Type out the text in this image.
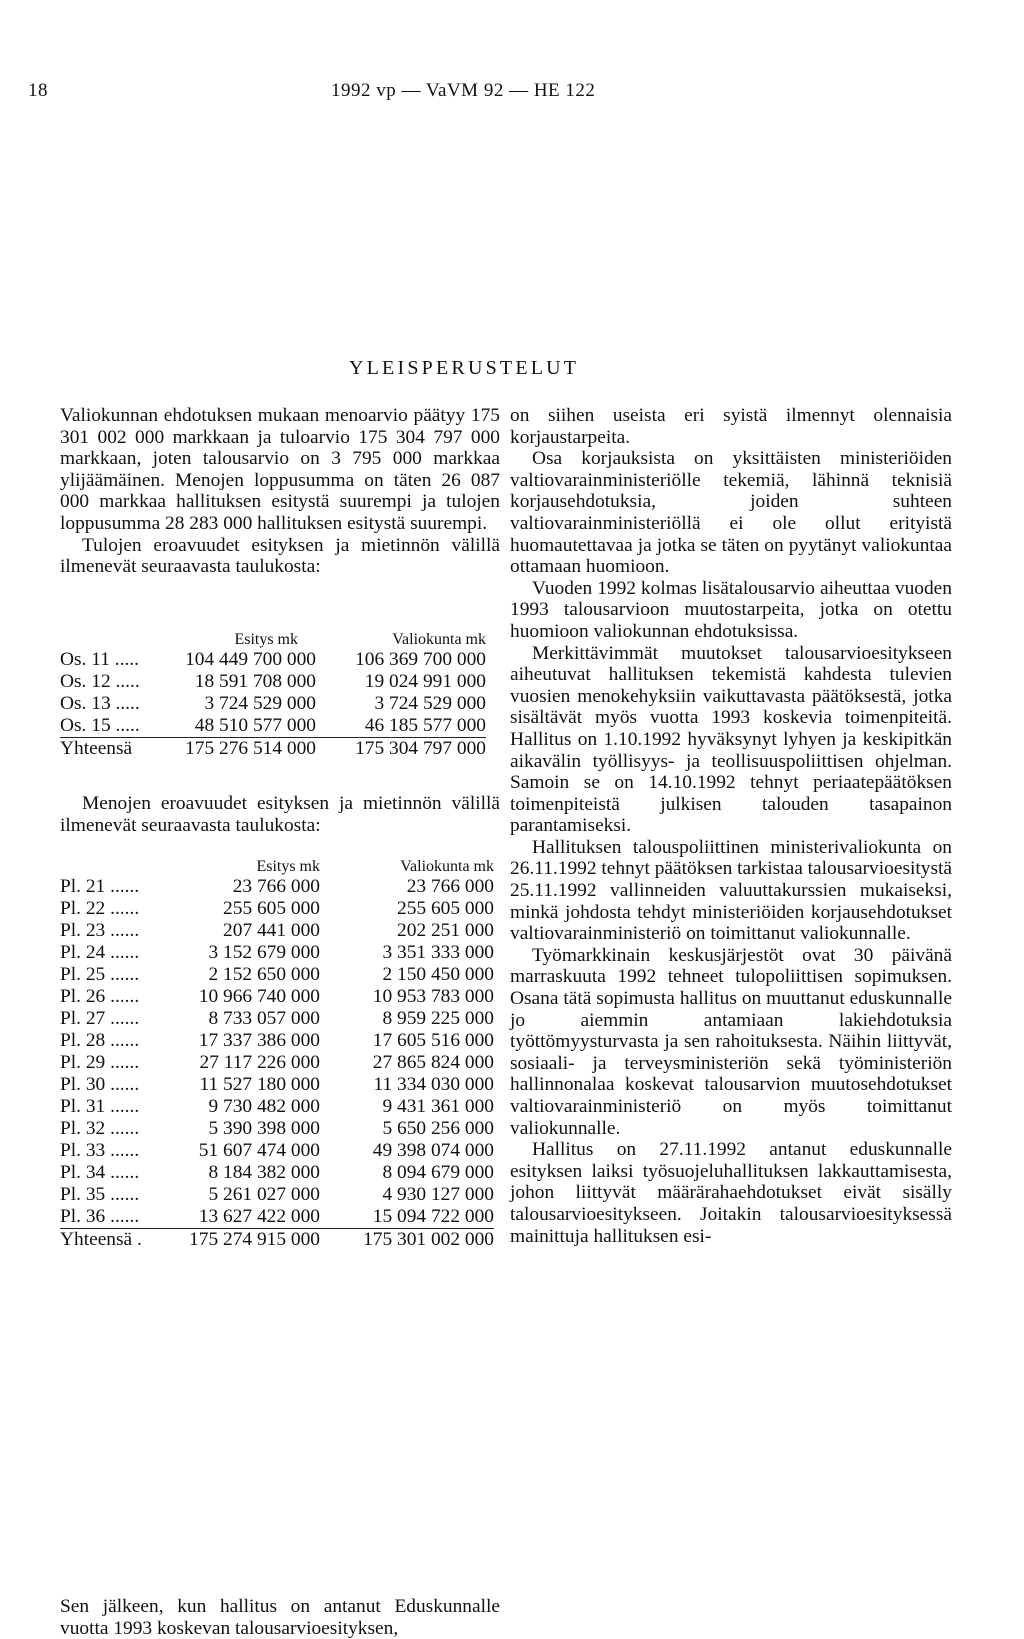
18	1992 vp — VaVM 92 — HE 122
YLEISPERUSTELUT

Valiokunnan ehdotuksen mukaan menoarvio päätyy 175 301 002 000 markkaan ja tuloarvio 175 304 797 000 markkaan, joten talousarvio on 3 795 000 markkaa ylijäämäinen. Menojen loppusumma on täten 26 087 000 markkaa hallituksen esitystä suurempi ja tulojen loppusumma 28 283 000 hallituksen esitystä suurempi.

Tulojen eroavuudet esityksen ja mietinnön välillä ilmenevät seuraavasta taulukosta:

	Esitys mk	Valiokunta mk
Os. 11 .....	104 449 700 000	106 369 700 000
Os. 12 .....	18 591 708 000	19 024 991 000
Os. 13 .....	3 724 529 000	3 724 529 000
Os. 15 .....	48 510 577 000	46 185 577 000
Yhteensä	175 276 514 000	175 304 797 000

Menojen eroavuudet esityksen ja mietinnön välillä ilmenevät seuraavasta taulukosta:

	Esitys mk	Valiokunta mk
Pl. 21 ......	23 766 000	23 766 000
Pl. 22 ......	255 605 000	255 605 000
Pl. 23 ......	207 441 000	202 251 000
Pl. 24 ......	3 152 679 000	3 351 333 000
Pl. 25 ......	2 152 650 000	2 150 450 000
Pl. 26 ......	10 966 740 000	10 953 783 000
Pl. 27 ......	8 733 057 000	8 959 225 000
Pl. 28 ......	17 337 386 000	17 605 516 000
Pl. 29 ......	27 117 226 000	27 865 824 000
Pl. 30 ......	11 527 180 000	11 334 030 000
Pl. 31 ......	9 730 482 000	9 431 361 000
Pl. 32 ......	5 390 398 000	5 650 256 000
Pl. 33 ......	51 607 474 000	49 398 074 000
Pl. 34 ......	8 184 382 000	8 094 679 000
Pl. 35 ......	5 261 027 000	4 930 127 000
Pl. 36 ......	13 627 422 000	15 094 722 000
Yhteensä .	175 274 915 000	175 301 002 000

Sen jälkeen, kun hallitus on antanut Eduskunnalle vuotta 1993 koskevan talousarvioesityksen,

on siihen useista eri syistä ilmennyt olennaisia korjaustarpeita.

Osa korjauksista on yksittäisten ministeriöiden valtiovarainministeriölle tekemiä, lähinnä teknisiä korjausehdotuksia, joiden suhteen valtiovarainministeriöllä ei ole ollut erityistä huomautettavaa ja jotka se täten on pyytänyt valiokuntaa ottamaan huomioon.

Vuoden 1992 kolmas lisätalousarvio aiheuttaa vuoden 1993 talousarvioon muutostarpeita, jotka on otettu huomioon valiokunnan ehdotuksissa.

Merkittävimmät muutokset talousarvioesitykseen aiheutuvat hallituksen tekemistä kahdesta tulevien vuosien menokehyksiin vaikuttavasta päätöksestä, jotka sisältävät myös vuotta 1993 koskevia toimenpiteitä. Hallitus on 1.10.1992 hyväksynyt lyhyen ja keskipitkän aikavälin työllisyys- ja teollisuuspoliittisen ohjelman. Samoin se on 14.10.1992 tehnyt periaatepäätöksen toimenpiteistä julkisen talouden tasapainon parantamiseksi.

Hallituksen talouspoliittinen ministerivaliokunta on 26.11.1992 tehnyt päätöksen tarkistaa talousarvioesitystä 25.11.1992 vallinneiden valuuttakurssien mukaiseksi, minkä johdosta tehdyt ministeriöiden korjausehdotukset valtiovarainministeriö on toimittanut valiokunnalle.

Työmarkkinain keskusjärjestöt ovat 30 päivänä marraskuuta 1992 tehneet tulopoliittisen sopimuksen. Osana tätä sopimusta hallitus on muuttanut eduskunnalle jo aiemmin antamiaan lakiehdotuksia työttömyysturvasta ja sen rahoituksesta. Näihin liittyvät, sosiaali- ja terveysministeriön sekä työministeriön hallinnonalaa koskevat talousarvion muutosehdotukset valtiovarainministeriö on myös toimittanut valiokunnalle.

Hallitus on 27.11.1992 antanut eduskunnalle esityksen laiksi työsuojeluhallituksen lakkauttamisesta, johon liittyvät määrärahaehdotukset eivät sisälly talousarvioesitykseen. Joitakin talousarvioesityksessä mainittuja hallituksen esi-
